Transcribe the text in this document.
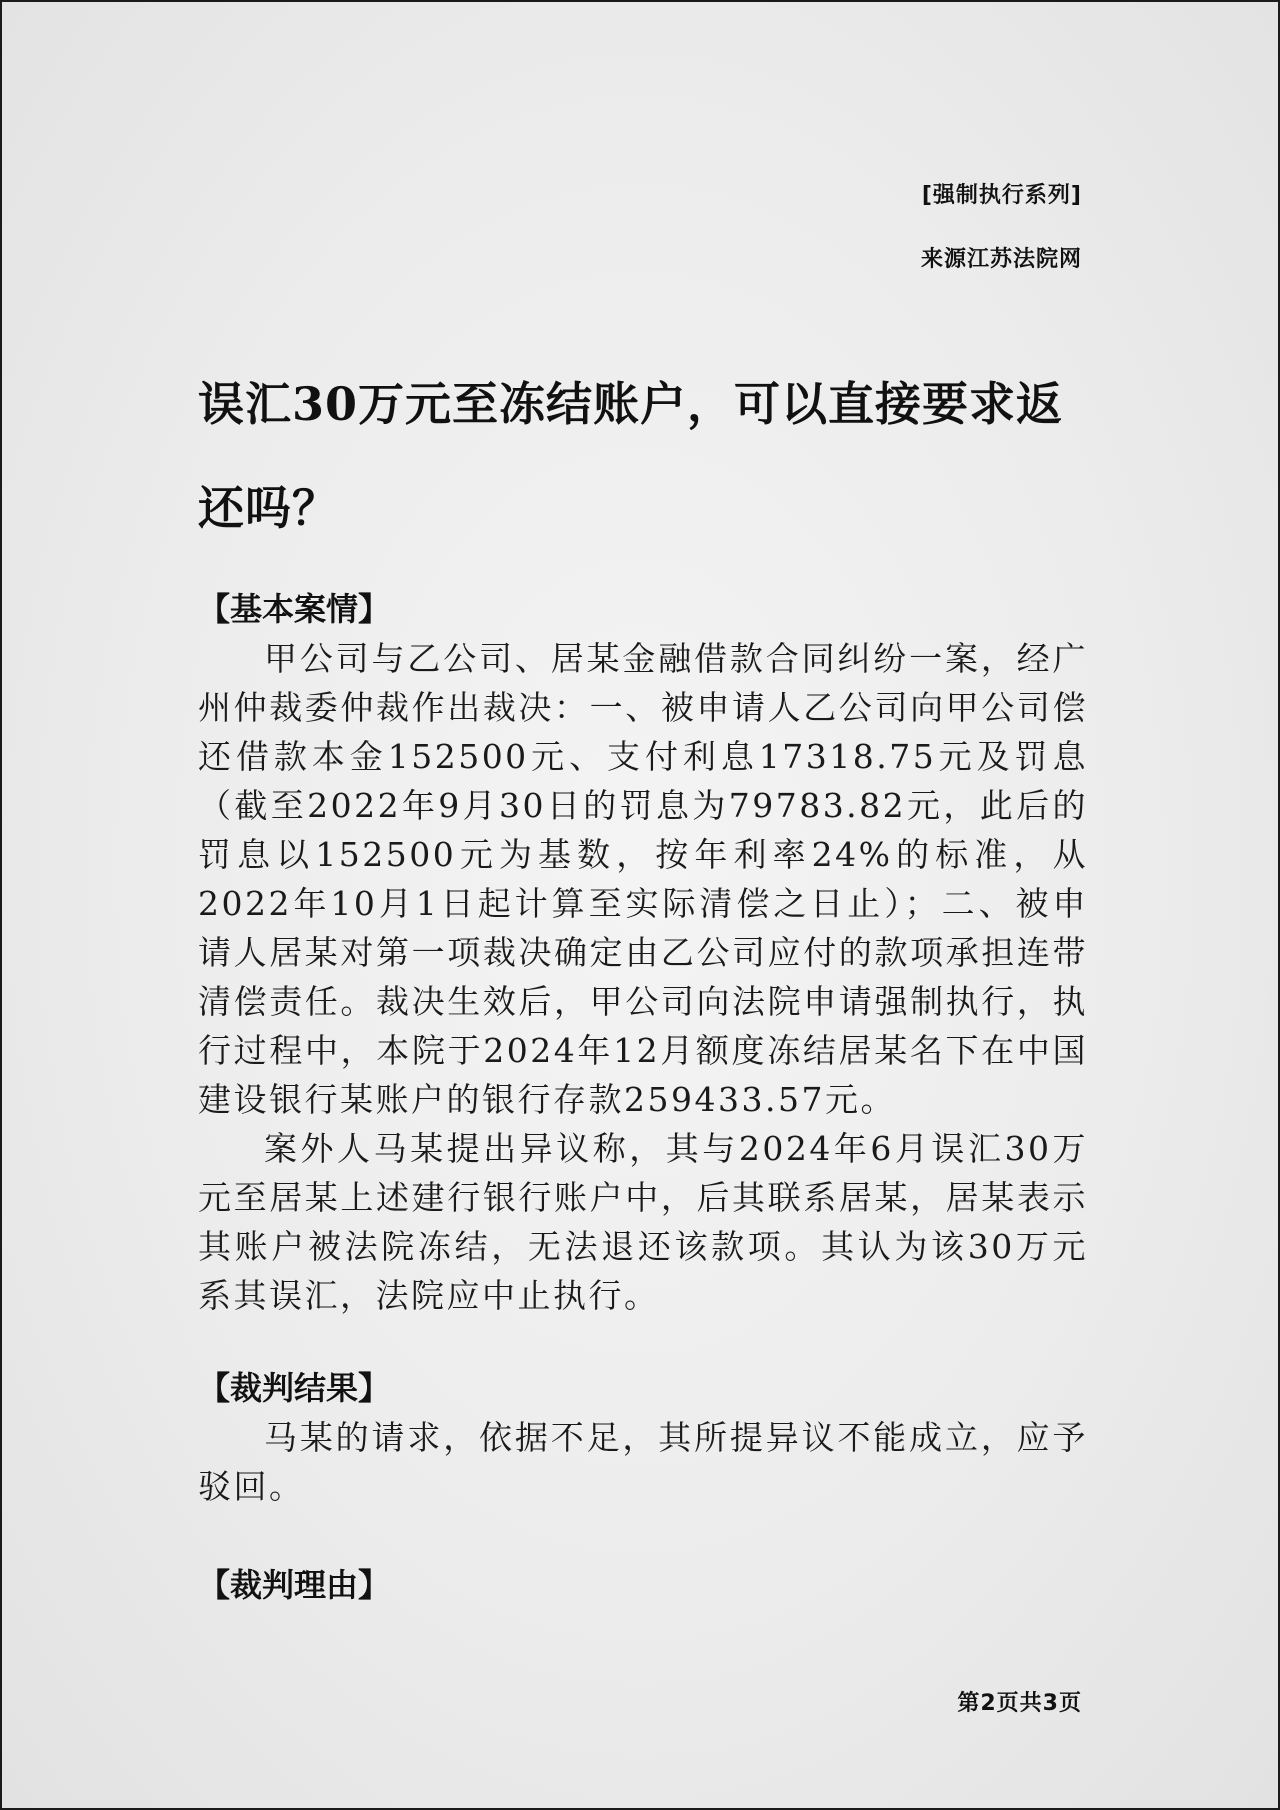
[强制执行系列]
来源江苏法院网
误汇30万元至冻结账户，可以直接要求返还吗？
【基本案情】

甲公司与乙公司、居某金融借款合同纠纷一案，经广州仲裁委仲裁作出裁决：一、被申请人乙公司向甲公司偿还借款本金152500元、支付利息17318.75元及罚息（截至2022年9月30日的罚息为79783.82元，此后的罚息以152500元为基数，按年利率24%的标准，从2022年10月1日起计算至实际清偿之日止）；二、被申请人居某对第一项裁决确定由乙公司应付的款项承担连带清偿责任。裁决生效后，甲公司向法院申请强制执行，执行过程中，本院于2024年12月额度冻结居某名下在中国建设银行某账户的银行存款259433.57元。

案外人马某提出异议称，其与2024年6月误汇30万元至居某上述建行银行账户中，后其联系居某，居某表示其账户被法院冻结，无法退还该款项。其认为该30万元系其误汇，法院应中止执行。

【裁判结果】

马某的请求，依据不足，其所提异议不能成立，应予驳回。

【裁判理由】
第2页共3页
